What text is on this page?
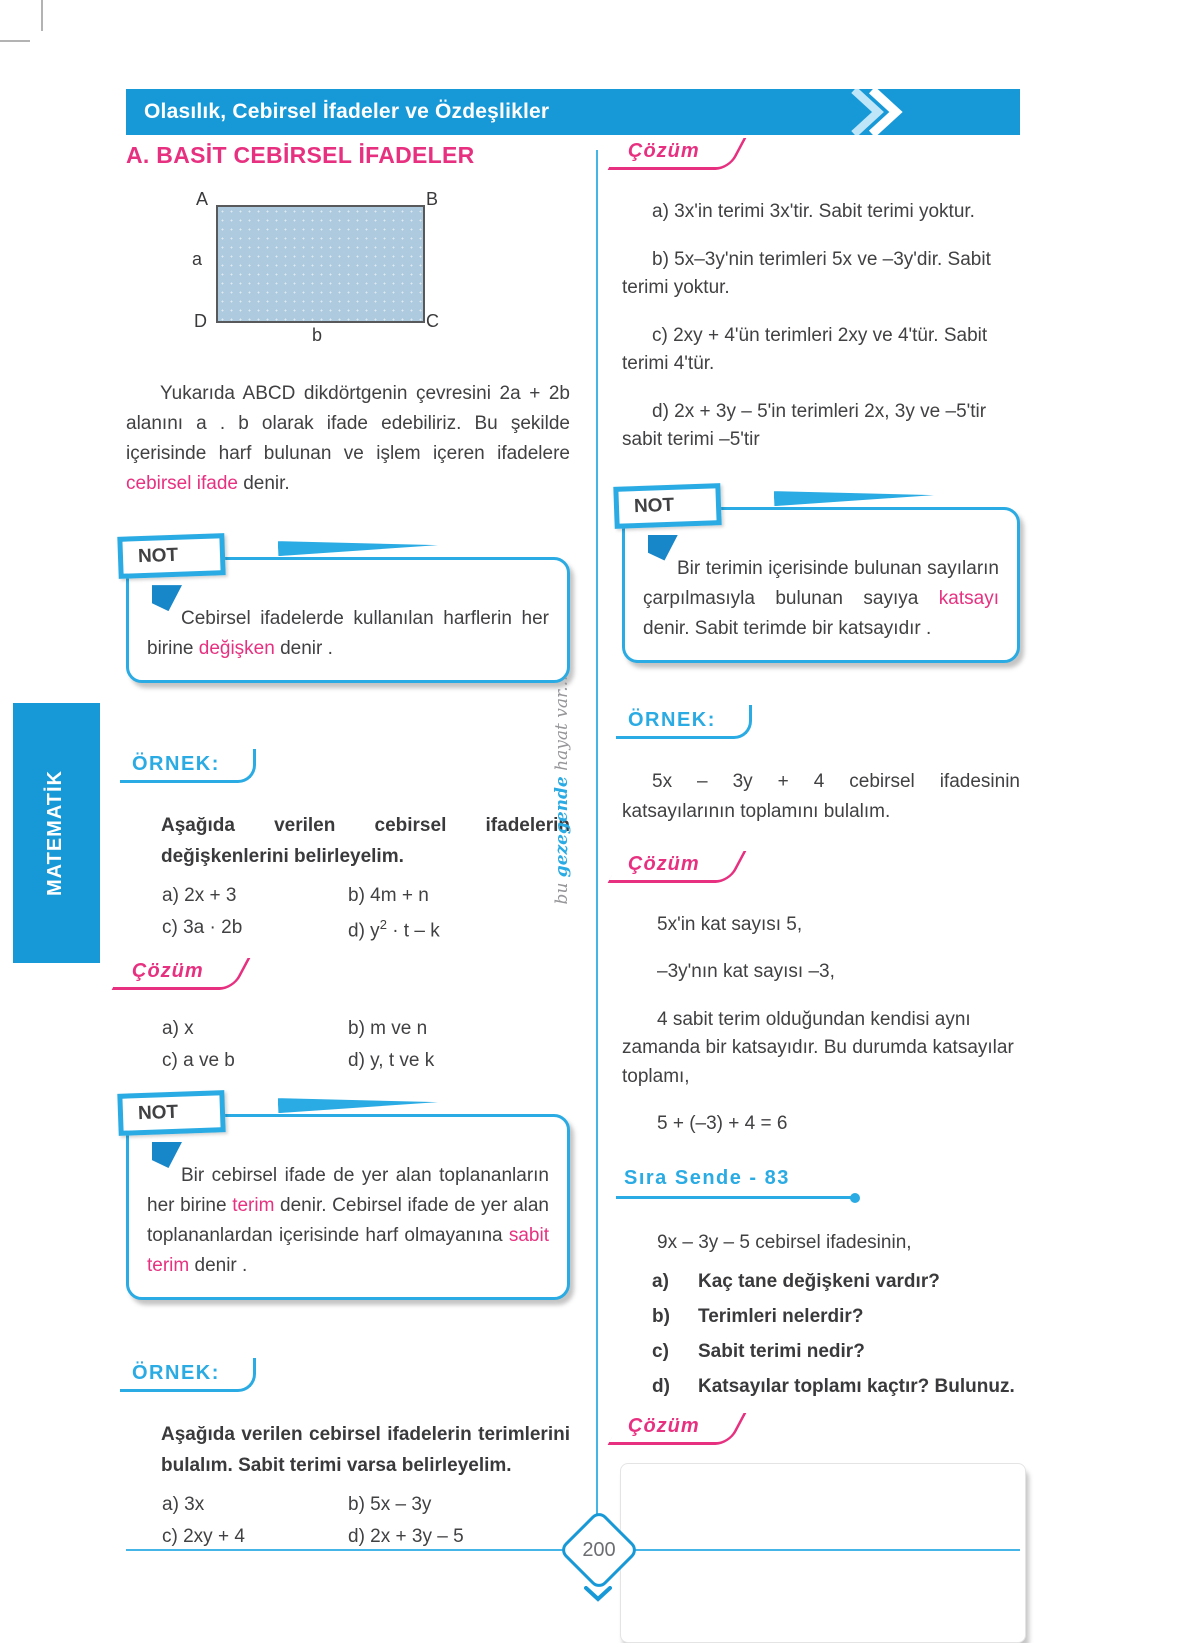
Olasılık, Cebirsel İfadeler ve Özdeşlikler
A. BASİT CEBİRSEL İFADELER
A	B
D	C
a
b

Yukarıda ABCD dikdörtgenin çevresini 2a + 2b alanını a . b olarak ifade edebiliriz. Bu şekilde içerisinde harf bulunan ve işlem içeren ifadelere cebirsel ifade denir.

NOT

Cebirsel ifadelerde kullanılan harflerin her birine değişken denir .

ÖRNEK:

Aşağıda verilen cebirsel ifadelerin değişkenlerini belirleyelim.

a) 2x + 3	b) 4m + n
c) 3a · 2b	d) $y^2 \cdot t - k$
Çözüm
a) x	b) m ve n
c) a ve b	d) y, t ve k
NOT

Bir cebirsel ifade de yer alan toplananların her birine terim denir. Cebirsel ifade de yer alan toplananlardan içerisinde harf olmayanına sabit terim denir .

ÖRNEK:

Aşağıda verilen cebirsel ifadelerin terimlerini bulalım. Sabit terimi varsa belirleyelim.

a) 3x	b) 5x – 3y
c) 2xy + 4	d) 2x + 3y – 5
Çözüm

a) 3x'in terimi 3x'tir. Sabit terimi yoktur.

b) 5x–3y'nin terimleri 5x ve –3y'dir. Sabit terimi yoktur.

c) 2xy + 4'ün terimleri 2xy ve 4'tür. Sabit terimi 4'tür.

d) 2x + 3y – 5'in terimleri 2x, 3y ve –5'tir sabit terimi –5'tir

NOT

Bir terimin içerisinde bulunan sayıların çarpılmasıyla bulunan sayıya katsayı denir. Sabit terimde bir katsayıdır .

ÖRNEK:

5x – 3y + 4 cebirsel ifadesinin katsayılarının toplamını bulalım.

Çözüm

5x'in kat sayısı 5,

–3y'nın kat sayısı –3,

4 sabit terim olduğundan kendisi aynı zamanda bir katsayıdır. Bu durumda katsayılar toplamı,

5 + (–3) + 4 = 6

Sıra Sende - 83

9x – 3y – 5 cebirsel ifadesinin,

a)	Kaç tane değişkeni vardır?
b)	Terimleri nelerdir?
c)	Sabit terimi nedir?
d)	Katsayılar toplamı kaçtır? Bulunuz.
Çözüm
MATEMATİK	bu gezegende hayat var...
200
